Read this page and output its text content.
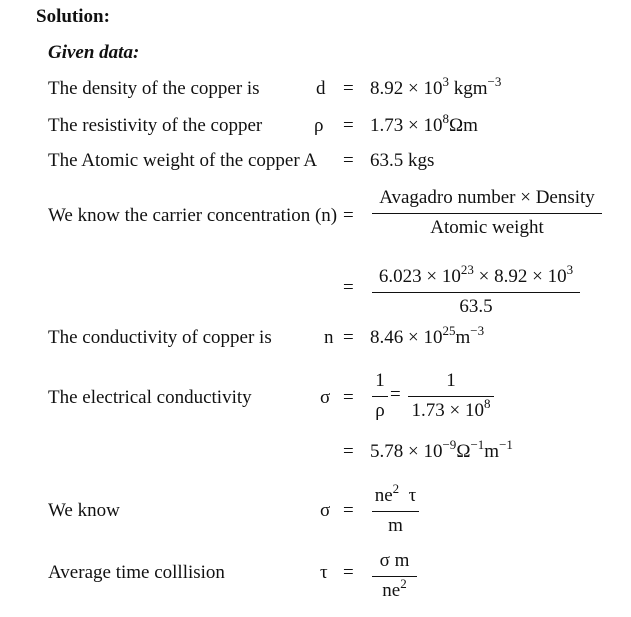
Solution:
Given data:
The density of the copper is	$d = 8.92 \times 10^3$ kgm$^{-3}$
The resistivity of the copper	$\rho = 1.73 \times 10^8\Omega m$
The Atomic weight of the copper A = 63.5 kgs
We know the carrier concentration (n) =
Avagadro number × Density
Atomic weight
=
$6.023 \times 10^{23} \times 8.92 \times 10^3$
63.5
The conductivity of copper is	$n = 8.46 \times 10^{25}m^{-3}$
The electrical conductivity	σ =
1
ρ
=
1
$1.73 \times 10^8$
= $5.78 \times 10^{-9}\Omega^{-1}m^{-1}$
We know	σ =
$ne^2$  τ
m
Average time colllision	τ =
σ m
$ne^2$
